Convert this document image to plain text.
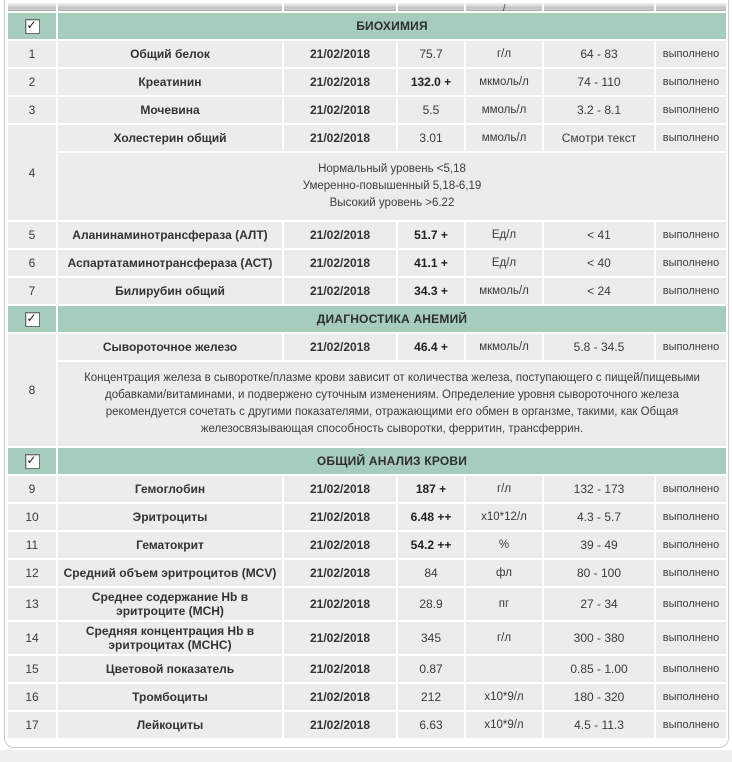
				/		

✓	БИОХИМИЯ					
1	Общий белок	21/02/2018	75.7	г/л	64 - 83	выполнено
2	Креатинин	21/02/2018	132.0 +	мкмоль/л	74 - 110	выполнено
3	Мочевина	21/02/2018	5.5	ммоль/л	3.2 - 8.1	выполнено
4	Холестерин общий	21/02/2018	3.01	ммоль/л	Смотри текст	выполнено

	Нормальный уровень <5,18
Умеренно-повышенный 5,18-6,19
Высокий уровень >6.22					

5	Аланинаминотрансфераза (АЛТ)	21/02/2018	51.7 +	Ед/л	< 41	выполнено
6	Аспартатаминотрансфераза (АСТ)	21/02/2018	41.1 +	Ед/л	< 40	выполнено
7	Билирубин общий	21/02/2018	34.3 +	мкмоль/л	< 24	выполнено

✓	ДИАГНОСТИКА АНЕМИЙ					
8	Сывороточное железо	21/02/2018	46.4 +	мкмоль/л	5.8 - 34.5	выполнено

	Концентрация железа в сыворотке/плазме крови зависит от количества железа, поступающего с пищей/пищевыми добавками/витаминами, и подвержено суточным изменениям. Определение уровня сывороточного железа рекомендуется сочетать с другими показателями, отражающими его обмен в органзме, такими, как Общая железосвязывающая способность сыворотки, ферритин, трансферрин.					

✓	ОБЩИЙ АНАЛИЗ КРОВИ					
9	Гемоглобин	21/02/2018	187 +	г/л	132 - 173	выполнено
10	Эритроциты	21/02/2018	6.48 ++	x10*12/л	4.3 - 5.7	выполнено
11	Гематокрит	21/02/2018	54.2 ++	%	39 - 49	выполнено
12	Средний объем эритроцитов (MCV)	21/02/2018	84	фл	80 - 100	выполнено
13	Среднее содержание Hb в эритроците (MCH)	21/02/2018	28.9	пг	27 - 34	выполнено
14	Средняя концентрация Hb в эритроцитах (MCHC)	21/02/2018	345	г/л	300 - 380	выполнено
15	Цветовой показатель	21/02/2018	0.87		0.85 - 1.00	выполнено
16	Тромбоциты	21/02/2018	212	x10*9/л	180 - 320	выполнено
17	Лейкоциты	21/02/2018	6.63	x10*9/л	4.5 - 11.3	выполнено
